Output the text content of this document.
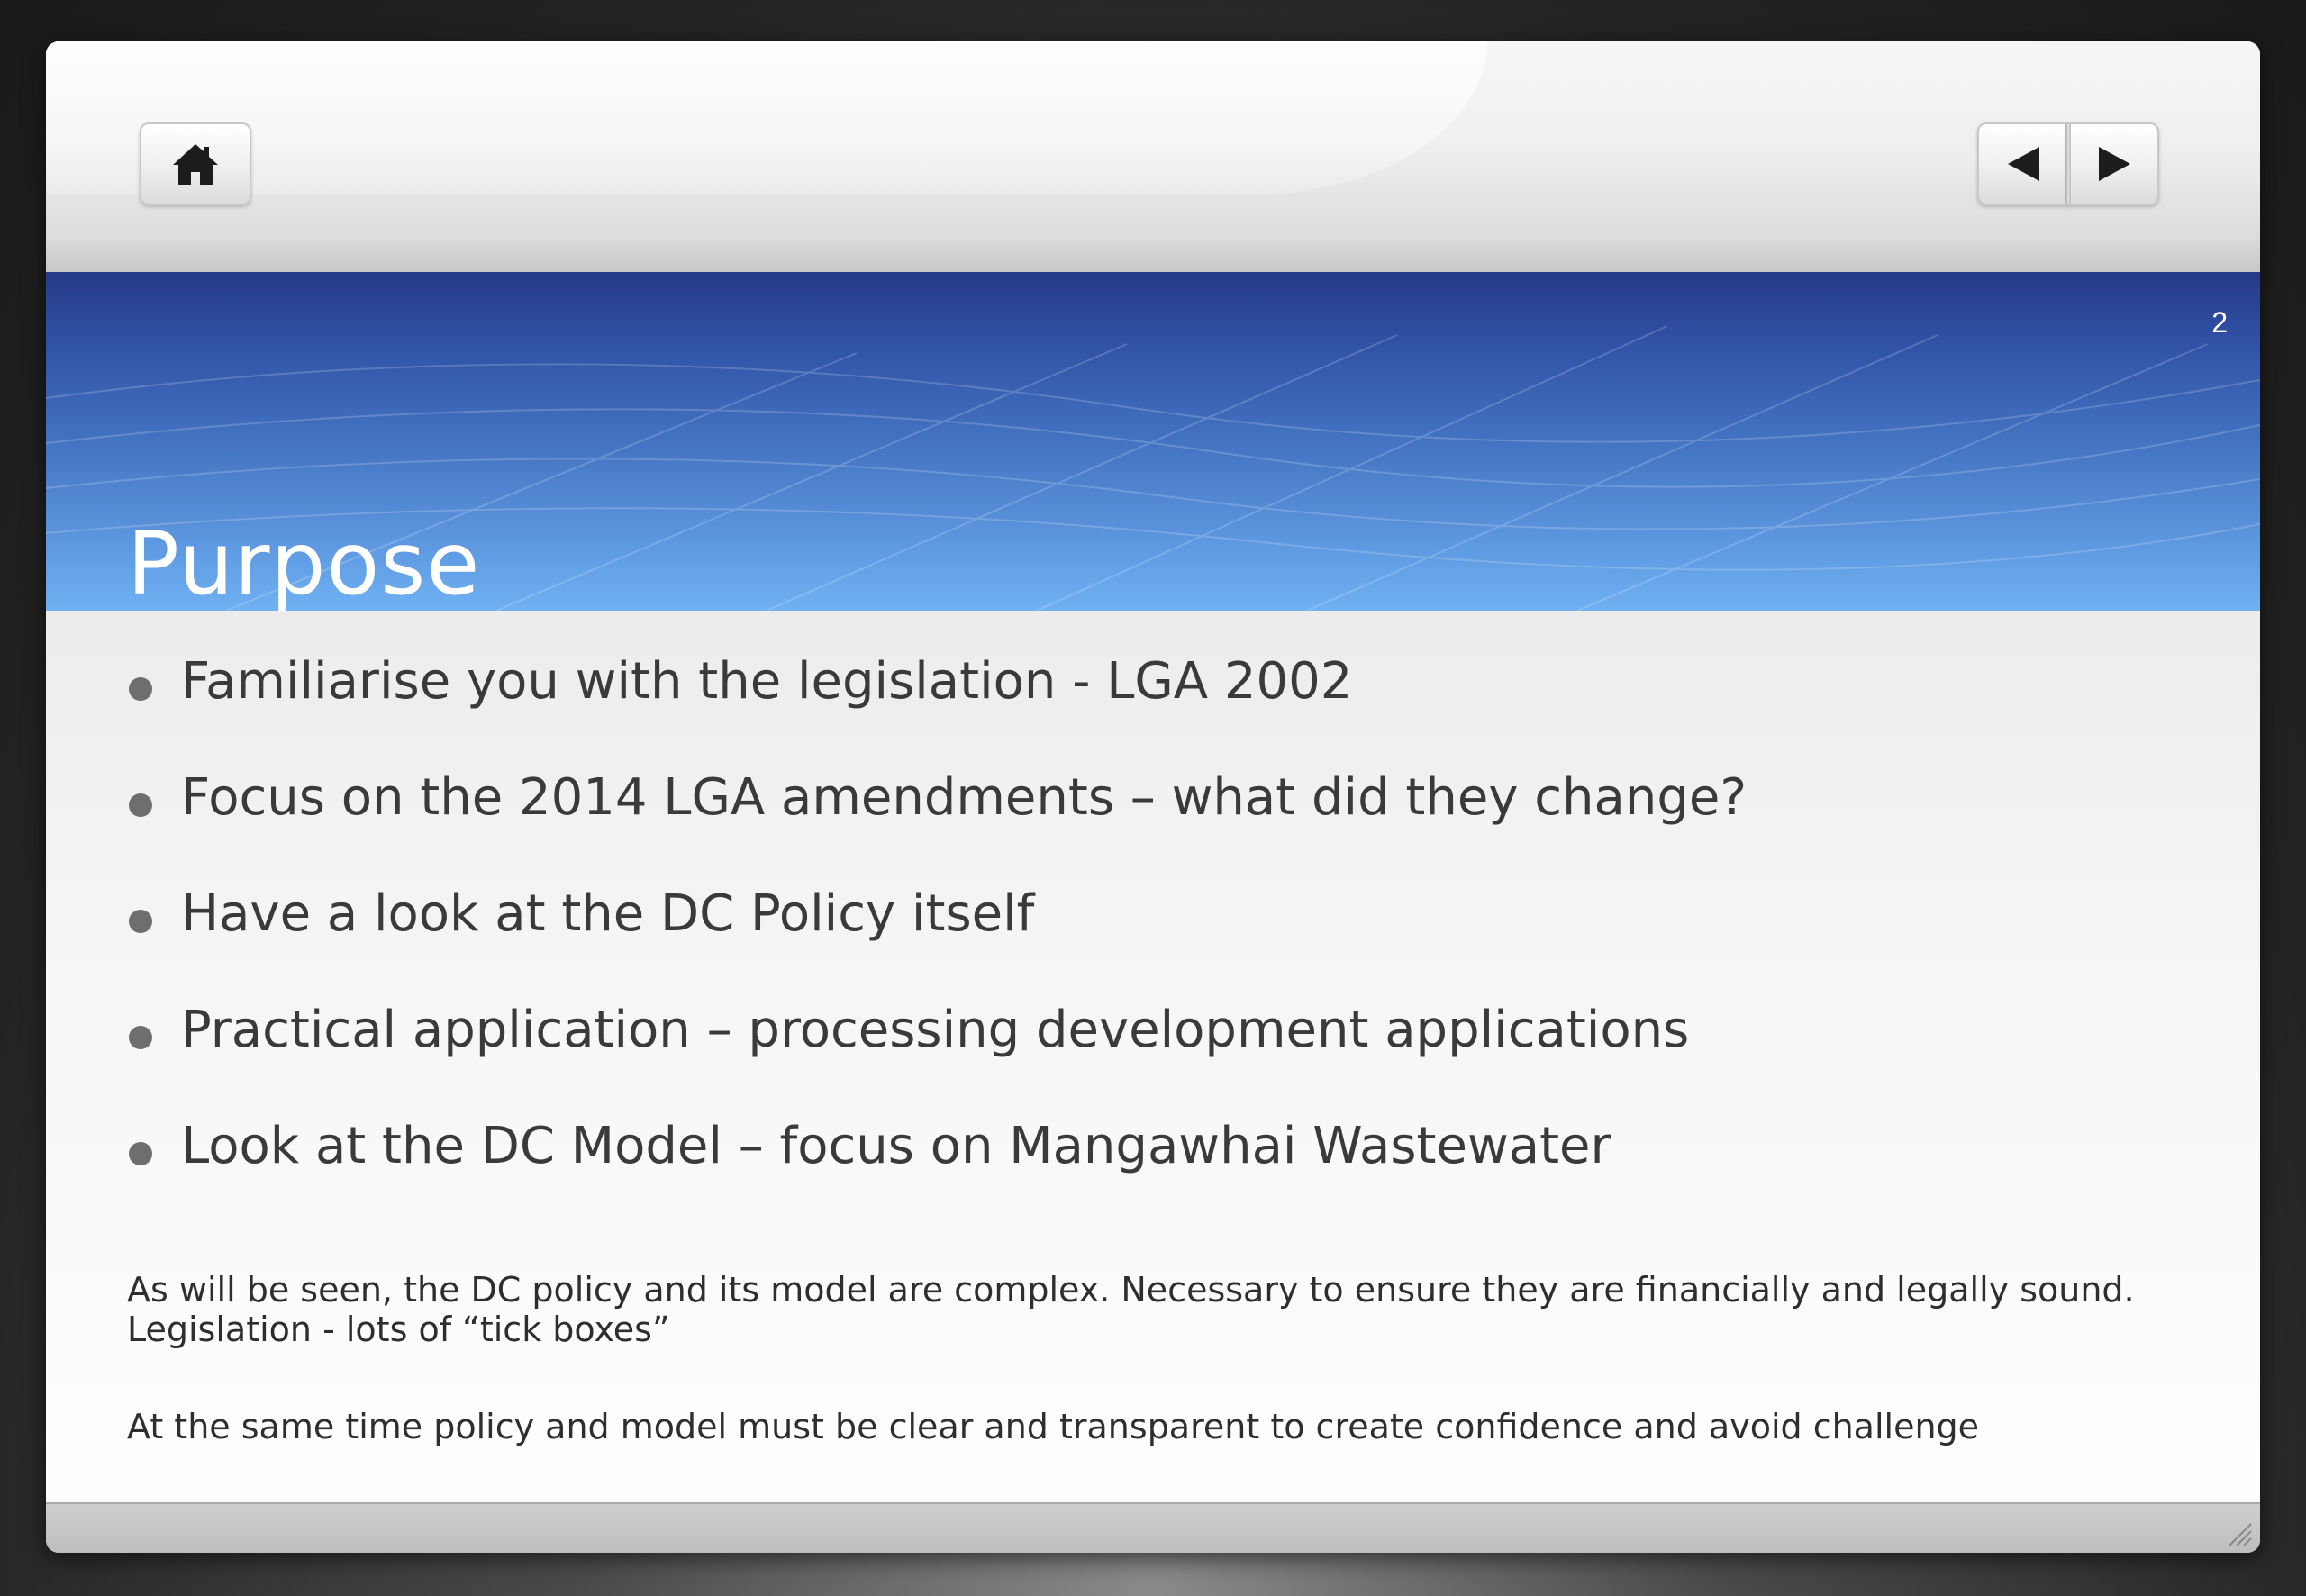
2
Purpose
Familiarise you with the legislation - LGA 2002
Focus on the 2014 LGA amendments – what did they change?
Have a look at the DC Policy itself
Practical application – processing development applications
Look at the DC Model – focus on Mangawhai Wastewater

As will be seen, the DC policy and its model are complex. Necessary to ensure they are financially and legally sound.
Legislation - lots of “tick boxes”

At the same time policy and model must be clear and transparent to create confidence and avoid challenge
